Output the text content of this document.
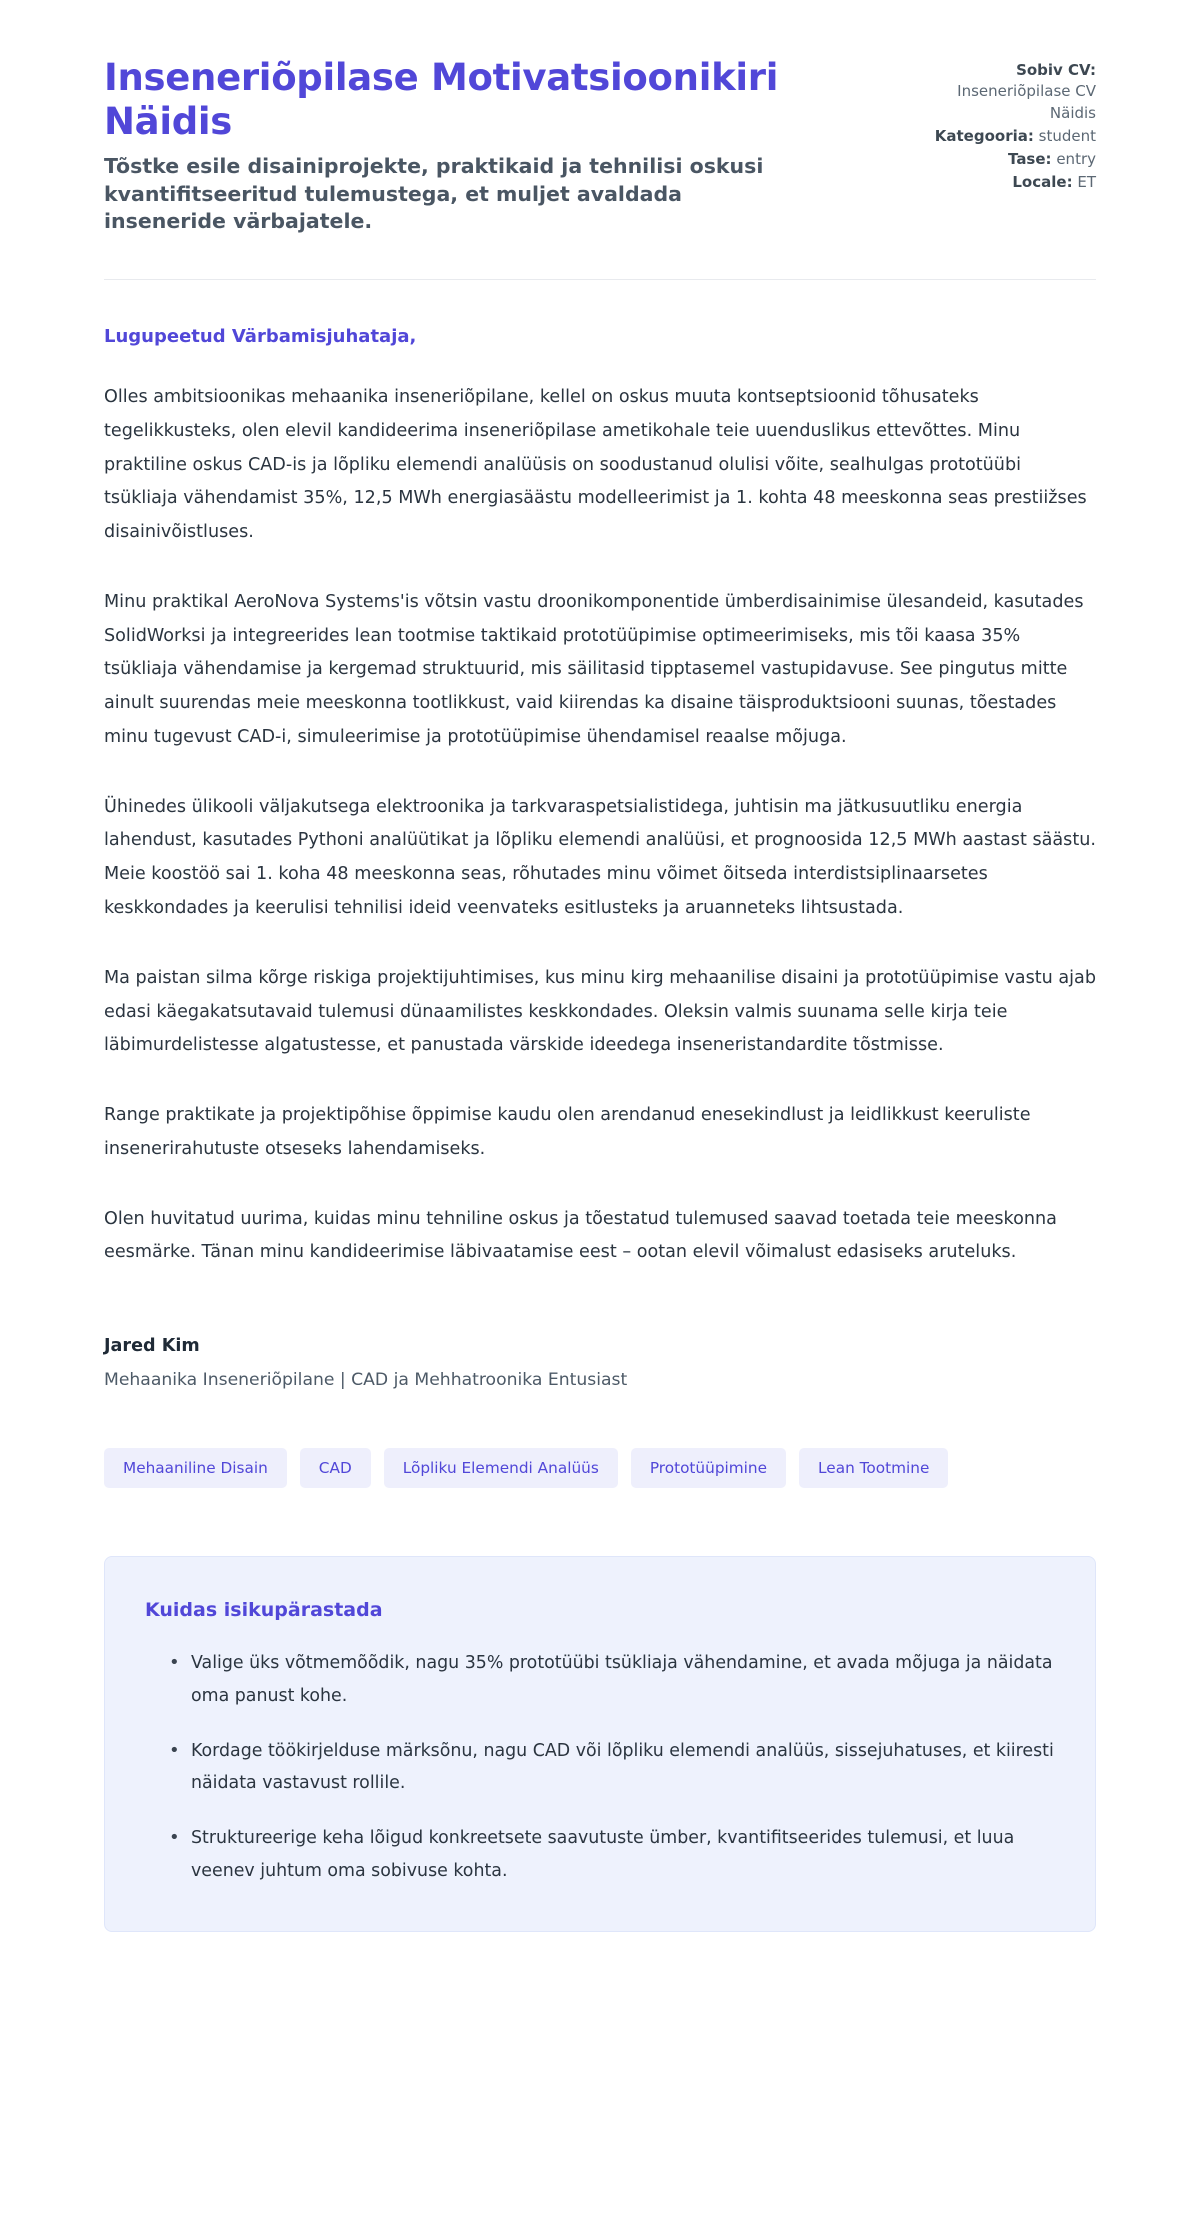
Inseneriõpilase Motivatsioonikiri Näidis

Tõstke esile disainiprojekte, praktikaid ja tehnilisi oskusi kvantifitseeritud tulemustega, et muljet avaldada inseneride värbajatele.

Sobiv CV: Inseneriõpilase CV Näidis
Kategooria: student
Tase: entry
Locale: ET

Lugupeetud Värbamisjuhataja,

Olles ambitsioonikas mehaanika inseneriõpilane, kellel on oskus muuta kontseptsioonid tõhusateks tegelikkusteks, olen elevil kandideerima inseneriõpilase ametikohale teie uuenduslikus ettevõttes. Minu praktiline oskus CAD-is ja lõpliku elemendi analüüsis on soodustanud olulisi võite, sealhulgas prototüübi tsükliaja vähendamist 35%, 12,5 MWh energiasäästu modelleerimist ja 1. kohta 48 meeskonna seas prestiižses disainivõistluses.

Minu praktikal AeroNova Systems'is võtsin vastu droonikomponentide ümberdisainimise ülesandeid, kasutades SolidWorksi ja integreerides lean tootmise taktikaid prototüüpimise optimeerimiseks, mis tõi kaasa 35% tsükliaja vähendamise ja kergemad struktuurid, mis säilitasid tipptasemel vastupidavuse. See pingutus mitte ainult suurendas meie meeskonna tootlikkust, vaid kiirendas ka disaine täisproduktsiooni suunas, tõestades minu tugevust CAD-i, simuleerimise ja prototüüpimise ühendamisel reaalse mõjuga.

Ühinedes ülikooli väljakutsega elektroonika ja tarkvaraspetsialistidega, juhtisin ma jätkusuutliku energia lahendust, kasutades Pythoni analüütikat ja lõpliku elemendi analüüsi, et prognoosida 12,5 MWh aastast säästu. Meie koostöö sai 1. koha 48 meeskonna seas, rõhutades minu võimet õitseda interdistsiplinaarsetes keskkondades ja keerulisi tehnilisi ideid veenvateks esitlusteks ja aruanneteks lihtsustada.

Ma paistan silma kõrge riskiga projektijuhtimises, kus minu kirg mehaanilise disaini ja prototüüpimise vastu ajab edasi käegakatsutavaid tulemusi dünaamilistes keskkondades. Oleksin valmis suunama selle kirja teie läbimurdelistesse algatustesse, et panustada värskide ideedega inseneristandardite tõstmisse.

Range praktikate ja projektipõhise õppimise kaudu olen arendanud enesekindlust ja leidlikkust keeruliste insenerirahutuste otseseks lahendamiseks.

Olen huvitatud uurima, kuidas minu tehniline oskus ja tõestatud tulemused saavad toetada teie meeskonna eesmärke. Tänan minu kandideerimise läbivaatamise eest – ootan elevil võimalust edasiseks aruteluks.

Jared Kim

Mehaanika Inseneriõpilane | CAD ja Mehhatroonika Entusiast

Mehaaniline Disain	CAD	Lõpliku Elemendi Analüüs	Prototüüpimine	Lean Tootmine
Kuidas isikupärastada
• Valige üks võtmemõõdik, nagu 35% prototüübi tsükliaja vähendamine, et avada mõjuga ja näidata oma panust kohe.
• Kordage töökirjelduse märksõnu, nagu CAD või lõpliku elemendi analüüs, sissejuhatuses, et kiiresti näidata vastavust rollile.
• Struktureerige keha lõigud konkreetsete saavutuste ümber, kvantifitseerides tulemusi, et luua veenev juhtum oma sobivuse kohta.
